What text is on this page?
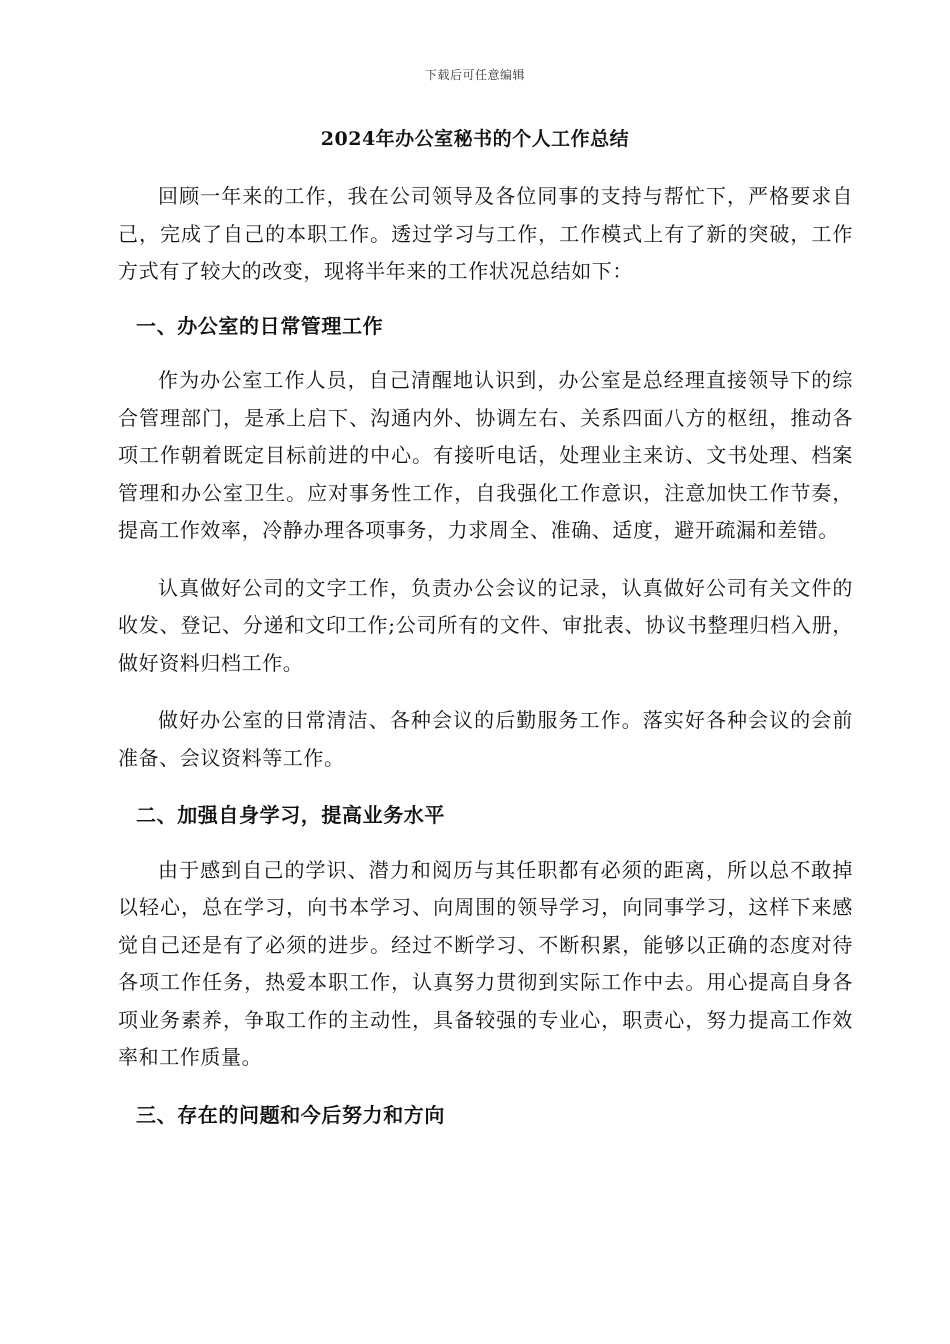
下载后可任意编辑
2024年办公室秘书的个人工作总结

回顾一年来的工作，我在公司领导及各位同事的支持与帮忙下，严格要求自己，完成了自己的本职工作。透过学习与工作，工作模式上有了新的突破，工作方式有了较大的改变，现将半年来的工作状况总结如下：

一、办公室的日常管理工作

作为办公室工作人员，自己清醒地认识到，办公室是总经理直接领导下的综合管理部门，是承上启下、沟通内外、协调左右、关系四面八方的枢纽，推动各项工作朝着既定目标前进的中心。有接听电话，处理业主来访、文书处理、档案管理和办公室卫生。应对事务性工作，自我强化工作意识，注意加快工作节奏，提高工作效率，冷静办理各项事务，力求周全、准确、适度，避开疏漏和差错。

认真做好公司的文字工作，负责办公会议的记录，认真做好公司有关文件的收发、登记、分递和文印工作;公司所有的文件、审批表、协议书整理归档入册，做好资料归档工作。

做好办公室的日常清洁、各种会议的后勤服务工作。落实好各种会议的会前准备、会议资料等工作。

二、加强自身学习，提高业务水平

由于感到自己的学识、潜力和阅历与其任职都有必须的距离，所以总不敢掉以轻心，总在学习，向书本学习、向周围的领导学习，向同事学习，这样下来感觉自己还是有了必须的进步。经过不断学习、不断积累，能够以正确的态度对待各项工作任务，热爱本职工作，认真努力贯彻到实际工作中去。用心提高自身各项业务素养，争取工作的主动性，具备较强的专业心，职责心，努力提高工作效率和工作质量。

三、存在的问题和今后努力和方向
